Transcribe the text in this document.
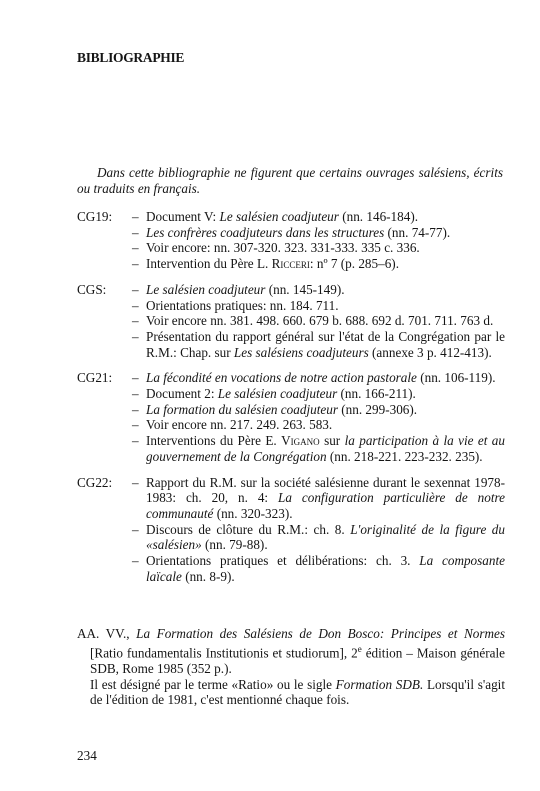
BIBLIOGRAPHIE
Dans cette bibliographie ne figurent que certains ouvrages salésiens, écrits ou traduits en français.
CG19:	– Document V: Le salésien coadjuteur (nn. 146-184).
– Les confrères coadjuteurs dans les structures (nn. 74-77).
– Voir encore: nn. 307-320. 323. 331-333. 335 c. 336.
– Intervention du Père L. Ricceri: nº 7 (p. 285–6).
CGS:	– Le salésien coadjuteur (nn. 145-149).
– Orientations pratiques: nn. 184. 711.
– Voir encore nn. 381. 498. 660. 679 b. 688. 692 d. 701. 711. 763 d.
– Présentation du rapport général sur l'état de la Congrégation par le R.M.: Chap. sur Les salésiens coadjuteurs (annexe 3 p. 412-413).
CG21:	– La fécondité en vocations de notre action pastorale (nn. 106-119).
– Document 2: Le salésien coadjuteur (nn. 166-211).
– La formation du salésien coadjuteur (nn. 299-306).
– Voir encore nn. 217. 249. 263. 583.
– Interventions du Père E. Vigano sur la participation à la vie et au gouvernement de la Congrégation (nn. 218-221. 223-232. 235).
CG22:	– Rapport du R.M. sur la société salésienne durant le sexennat 1978-1983: ch. 20, n. 4: La configuration particulière de notre communauté (nn. 320-323).
– Discours de clôture du R.M.: ch. 8. L'originalité de la figure du «salésien» (nn. 79-88).
– Orientations pratiques et délibérations: ch. 3. La composante laïcale (nn. 8-9).
AA. VV., La Formation des Salésiens de Don Bosco: Principes et Normes [Ratio fundamentalis Institutionis et studiorum], 2e édition – Maison générale SDB, Rome 1985 (352 p.).
Il est désigné par le terme «Ratio» ou le sigle Formation SDB. Lorsqu'il s'agit de l'édition de 1981, c'est mentionné chaque fois.
234
